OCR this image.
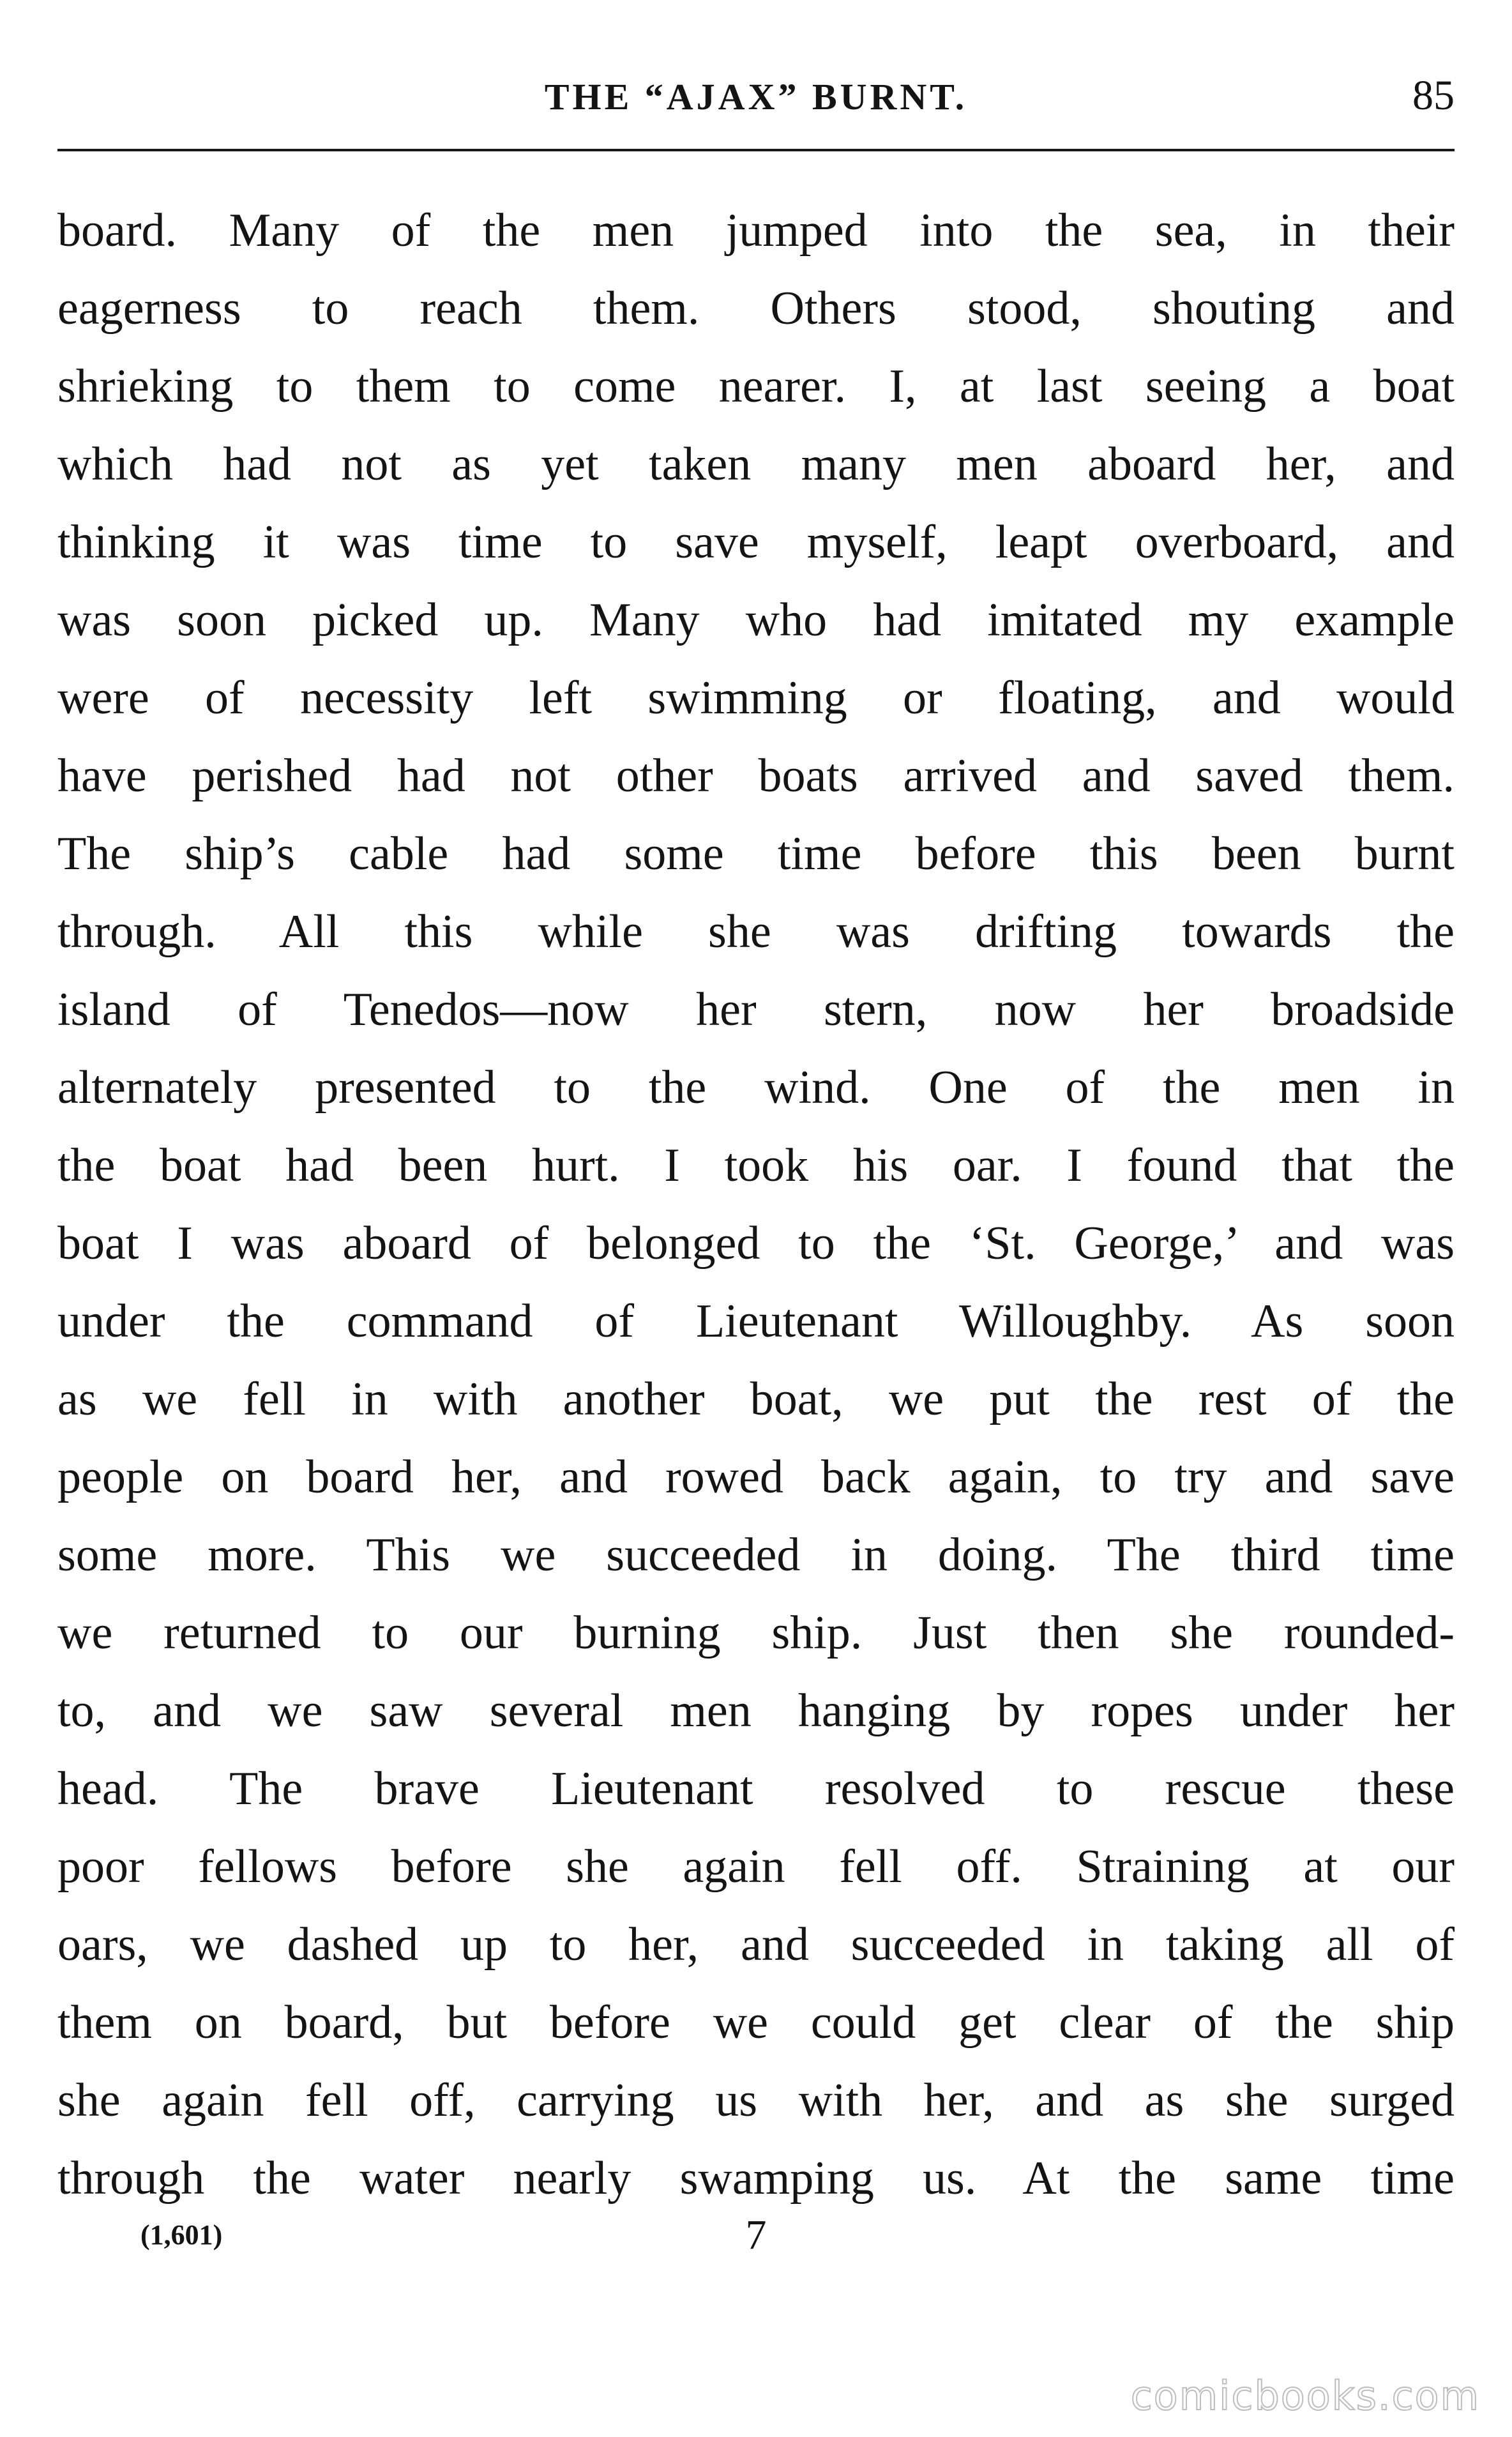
THE “AJAX” BURNT.	85
board. Many of the men jumped into the sea, in their
eagerness to reach them. Others stood, shouting and
shrieking to them to come nearer. I, at last seeing a boat
which had not as yet taken many men aboard her, and
thinking it was time to save myself, leapt overboard, and
was soon picked up. Many who had imitated my example
were of necessity left swimming or floating, and would
have perished had not other boats arrived and saved them.
The ship’s cable had some time before this been burnt
through. All this while she was drifting towards the
island of Tenedos—now her stern, now her broadside
alternately presented to the wind. One of the men in
the boat had been hurt. I took his oar. I found that the
boat I was aboard of belonged to the ‘St. George,’ and was
under the command of Lieutenant Willoughby. As soon
as we fell in with another boat, we put the rest of the
people on board her, and rowed back again, to try and save
some more. This we succeeded in doing. The third time
we returned to our burning ship. Just then she rounded-
to, and we saw several men hanging by ropes under her
head. The brave Lieutenant resolved to rescue these
poor fellows before she again fell off. Straining at our
oars, we dashed up to her, and succeeded in taking all of
them on board, but before we could get clear of the ship
she again fell off, carrying us with her, and as she surged
through the water nearly swamping us. At the same time
(1,601)	7
comicbooks.com
